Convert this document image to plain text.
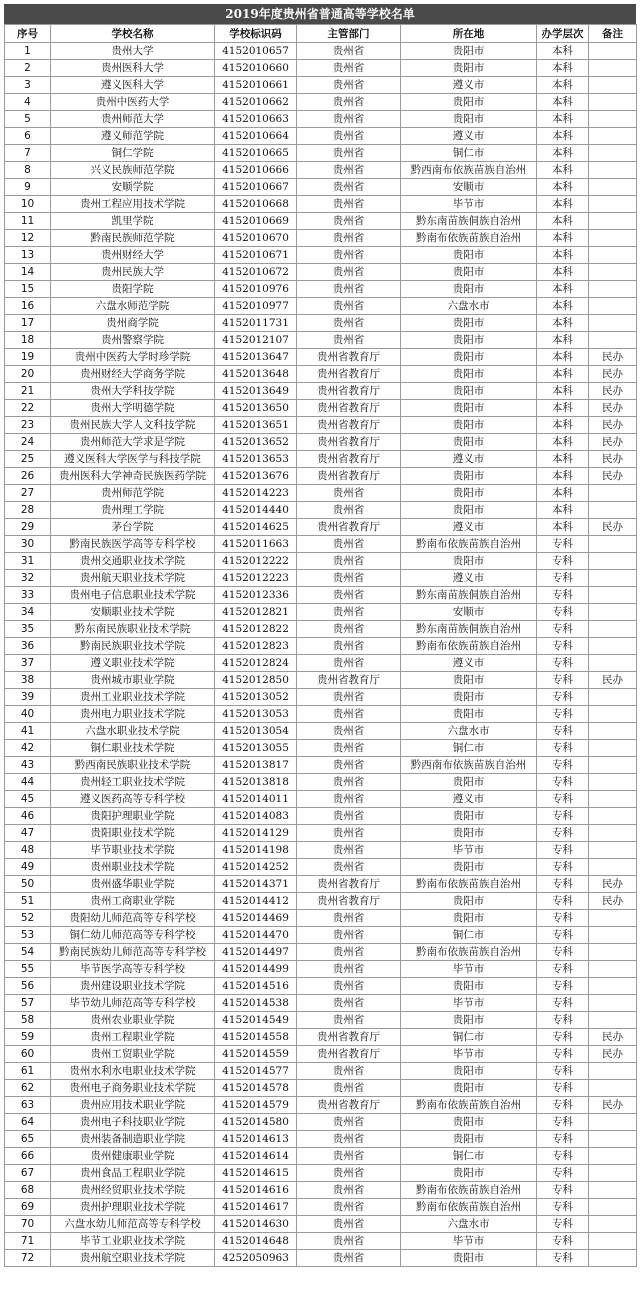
2019年度贵州省普通高等学校名单
序号	学校名称	学校标识码	主管部门	所在地	办学层次	备注
1	贵州大学	4152010657	贵州省	贵阳市	本科	
2	贵州医科大学	4152010660	贵州省	贵阳市	本科	
3	遵义医科大学	4152010661	贵州省	遵义市	本科	
4	贵州中医药大学	4152010662	贵州省	贵阳市	本科	
5	贵州师范大学	4152010663	贵州省	贵阳市	本科	
6	遵义师范学院	4152010664	贵州省	遵义市	本科	
7	铜仁学院	4152010665	贵州省	铜仁市	本科	
8	兴义民族师范学院	4152010666	贵州省	黔西南布依族苗族自治州	本科	
9	安顺学院	4152010667	贵州省	安顺市	本科	
10	贵州工程应用技术学院	4152010668	贵州省	毕节市	本科	
11	凯里学院	4152010669	贵州省	黔东南苗族侗族自治州	本科	
12	黔南民族师范学院	4152010670	贵州省	黔南布依族苗族自治州	本科	
13	贵州财经大学	4152010671	贵州省	贵阳市	本科	
14	贵州民族大学	4152010672	贵州省	贵阳市	本科	
15	贵阳学院	4152010976	贵州省	贵阳市	本科	
16	六盘水师范学院	4152010977	贵州省	六盘水市	本科	
17	贵州商学院	4152011731	贵州省	贵阳市	本科	
18	贵州警察学院	4152012107	贵州省	贵阳市	本科	
19	贵州中医药大学时珍学院	4152013647	贵州省教育厅	贵阳市	本科	民办
20	贵州财经大学商务学院	4152013648	贵州省教育厅	贵阳市	本科	民办
21	贵州大学科技学院	4152013649	贵州省教育厅	贵阳市	本科	民办
22	贵州大学明德学院	4152013650	贵州省教育厅	贵阳市	本科	民办
23	贵州民族大学人文科技学院	4152013651	贵州省教育厅	贵阳市	本科	民办
24	贵州师范大学求是学院	4152013652	贵州省教育厅	贵阳市	本科	民办
25	遵义医科大学医学与科技学院	4152013653	贵州省教育厅	遵义市	本科	民办
26	贵州医科大学神奇民族医药学院	4152013676	贵州省教育厅	贵阳市	本科	民办
27	贵州师范学院	4152014223	贵州省	贵阳市	本科	
28	贵州理工学院	4152014440	贵州省	贵阳市	本科	
29	茅台学院	4152014625	贵州省教育厅	遵义市	本科	民办
30	黔南民族医学高等专科学校	4152011663	贵州省	黔南布依族苗族自治州	专科	
31	贵州交通职业技术学院	4152012222	贵州省	贵阳市	专科	
32	贵州航天职业技术学院	4152012223	贵州省	遵义市	专科	
33	贵州电子信息职业技术学院	4152012336	贵州省	黔东南苗族侗族自治州	专科	
34	安顺职业技术学院	4152012821	贵州省	安顺市	专科	
35	黔东南民族职业技术学院	4152012822	贵州省	黔东南苗族侗族自治州	专科	
36	黔南民族职业技术学院	4152012823	贵州省	黔南布依族苗族自治州	专科	
37	遵义职业技术学院	4152012824	贵州省	遵义市	专科	
38	贵州城市职业学院	4152012850	贵州省教育厅	贵阳市	专科	民办
39	贵州工业职业技术学院	4152013052	贵州省	贵阳市	专科	
40	贵州电力职业技术学院	4152013053	贵州省	贵阳市	专科	
41	六盘水职业技术学院	4152013054	贵州省	六盘水市	专科	
42	铜仁职业技术学院	4152013055	贵州省	铜仁市	专科	
43	黔西南民族职业技术学院	4152013817	贵州省	黔西南布依族苗族自治州	专科	
44	贵州轻工职业技术学院	4152013818	贵州省	贵阳市	专科	
45	遵义医药高等专科学校	4152014011	贵州省	遵义市	专科	
46	贵阳护理职业学院	4152014083	贵州省	贵阳市	专科	
47	贵阳职业技术学院	4152014129	贵州省	贵阳市	专科	
48	毕节职业技术学院	4152014198	贵州省	毕节市	专科	
49	贵州职业技术学院	4152014252	贵州省	贵阳市	专科	
50	贵州盛华职业学院	4152014371	贵州省教育厅	黔南布依族苗族自治州	专科	民办
51	贵州工商职业学院	4152014412	贵州省教育厅	贵阳市	专科	民办
52	贵阳幼儿师范高等专科学校	4152014469	贵州省	贵阳市	专科	
53	铜仁幼儿师范高等专科学校	4152014470	贵州省	铜仁市	专科	
54	黔南民族幼儿师范高等专科学校	4152014497	贵州省	黔南布依族苗族自治州	专科	
55	毕节医学高等专科学校	4152014499	贵州省	毕节市	专科	
56	贵州建设职业技术学院	4152014516	贵州省	贵阳市	专科	
57	毕节幼儿师范高等专科学校	4152014538	贵州省	毕节市	专科	
58	贵州农业职业学院	4152014549	贵州省	贵阳市	专科	
59	贵州工程职业学院	4152014558	贵州省教育厅	铜仁市	专科	民办
60	贵州工贸职业学院	4152014559	贵州省教育厅	毕节市	专科	民办
61	贵州水利水电职业技术学院	4152014577	贵州省	贵阳市	专科	
62	贵州电子商务职业技术学院	4152014578	贵州省	贵阳市	专科	
63	贵州应用技术职业学院	4152014579	贵州省教育厅	黔南布依族苗族自治州	专科	民办
64	贵州电子科技职业学院	4152014580	贵州省	贵阳市	专科	
65	贵州装备制造职业学院	4152014613	贵州省	贵阳市	专科	
66	贵州健康职业学院	4152014614	贵州省	铜仁市	专科	
67	贵州食品工程职业学院	4152014615	贵州省	贵阳市	专科	
68	贵州经贸职业技术学院	4152014616	贵州省	黔南布依族苗族自治州	专科	
69	贵州护理职业技术学院	4152014617	贵州省	黔南布依族苗族自治州	专科	
70	六盘水幼儿师范高等专科学校	4152014630	贵州省	六盘水市	专科	
71	毕节工业职业技术学院	4152014648	贵州省	毕节市	专科	
72	贵州航空职业技术学院	4252050963	贵州省	贵阳市	专科	
